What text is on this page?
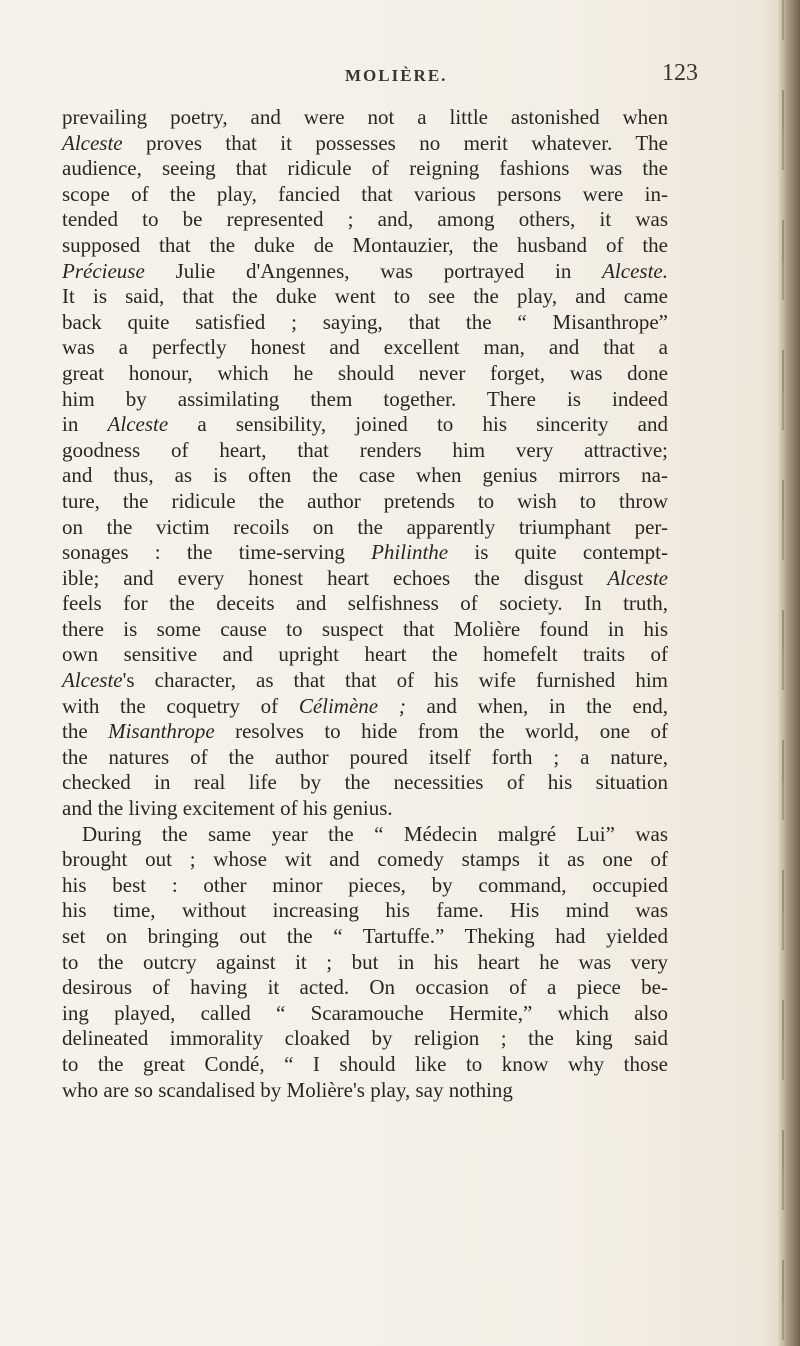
MOLIÈRE.	123
prevailing poetry, and were not a little astonished when
Alceste proves that it possesses no merit whatever. The
audience, seeing that ridicule of reigning fashions was the
scope of the play, fancied that various persons were in-
tended to be represented ; and, among others, it was
supposed that the duke de Montauzier, the husband of the
Précieuse Julie d'Angennes, was portrayed in Alceste.
It is said, that the duke went to see the play, and came
back quite satisfied ; saying, that the “ Misanthrope”
was a perfectly honest and excellent man, and that a
great honour, which he should never forget, was done
him by assimilating them together. There is indeed
in Alceste a sensibility, joined to his sincerity and
goodness of heart, that renders him very attractive;
and thus, as is often the case when genius mirrors na-
ture, the ridicule the author pretends to wish to throw
on the victim recoils on the apparently triumphant per-
sonages : the time-serving Philinthe is quite contempt-
ible; and every honest heart echoes the disgust Alceste
feels for the deceits and selfishness of society. In truth,
there is some cause to suspect that Molière found in his
own sensitive and upright heart the homefelt traits of
Alceste's character, as that that of his wife furnished him
with the coquetry of Célimène ; and when, in the end,
the Misanthrope resolves to hide from the world, one of
the natures of the author poured itself forth ; a nature,
checked in real life by the necessities of his situation
and the living excitement of his genius.
During the same year the “ Médecin malgré Lui” was
brought out ; whose wit and comedy stamps it as one of
his best : other minor pieces, by command, occupied
his time, without increasing his fame. His mind was
set on bringing out the “ Tartuffe.” Theking had yielded
to the outcry against it ; but in his heart he was very
desirous of having it acted. On occasion of a piece be-
ing played, called “ Scaramouche Hermite,” which also
delineated immorality cloaked by religion ; the king said
to the great Condé, “ I should like to know why those
who are so scandalised by Molière's play, say nothing
